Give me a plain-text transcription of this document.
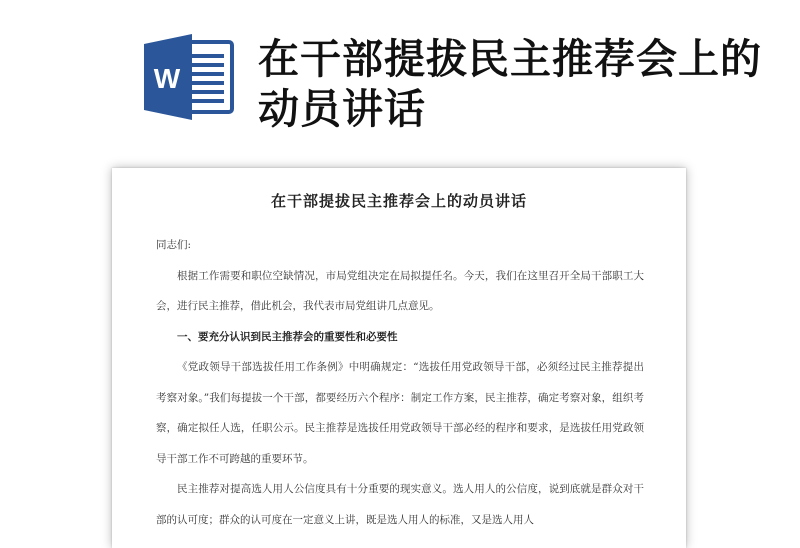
W 在干部提拔民主推荐会上的动员讲话
在干部提拔民主推荐会上的动员讲话

同志们:

根据工作需要和职位空缺情况，市局党组决定在局拟提任名。今天，我们在这里召开全局干部职工大会，进行民主推荐，借此机会，我代表市局党组讲几点意见。

一、要充分认识到民主推荐会的重要性和必要性

《党政领导干部选拔任用工作条例》中明确规定：“选拔任用党政领导干部，必须经过民主推荐提出考察对象。”我们每提拔一个干部，都要经历六个程序：制定工作方案，民主推荐，确定考察对象，组织考察，确定拟任人选，任职公示。民主推荐是选拔任用党政领导干部必经的程序和要求，是选拔任用党政领导干部工作不可跨越的重要环节。

民主推荐对提高选人用人公信度具有十分重要的现实意义。选人用人的公信度，说到底就是群众对干部的认可度；群众的认可度在一定意义上讲，既是选人用人的标准，又是选人用人
